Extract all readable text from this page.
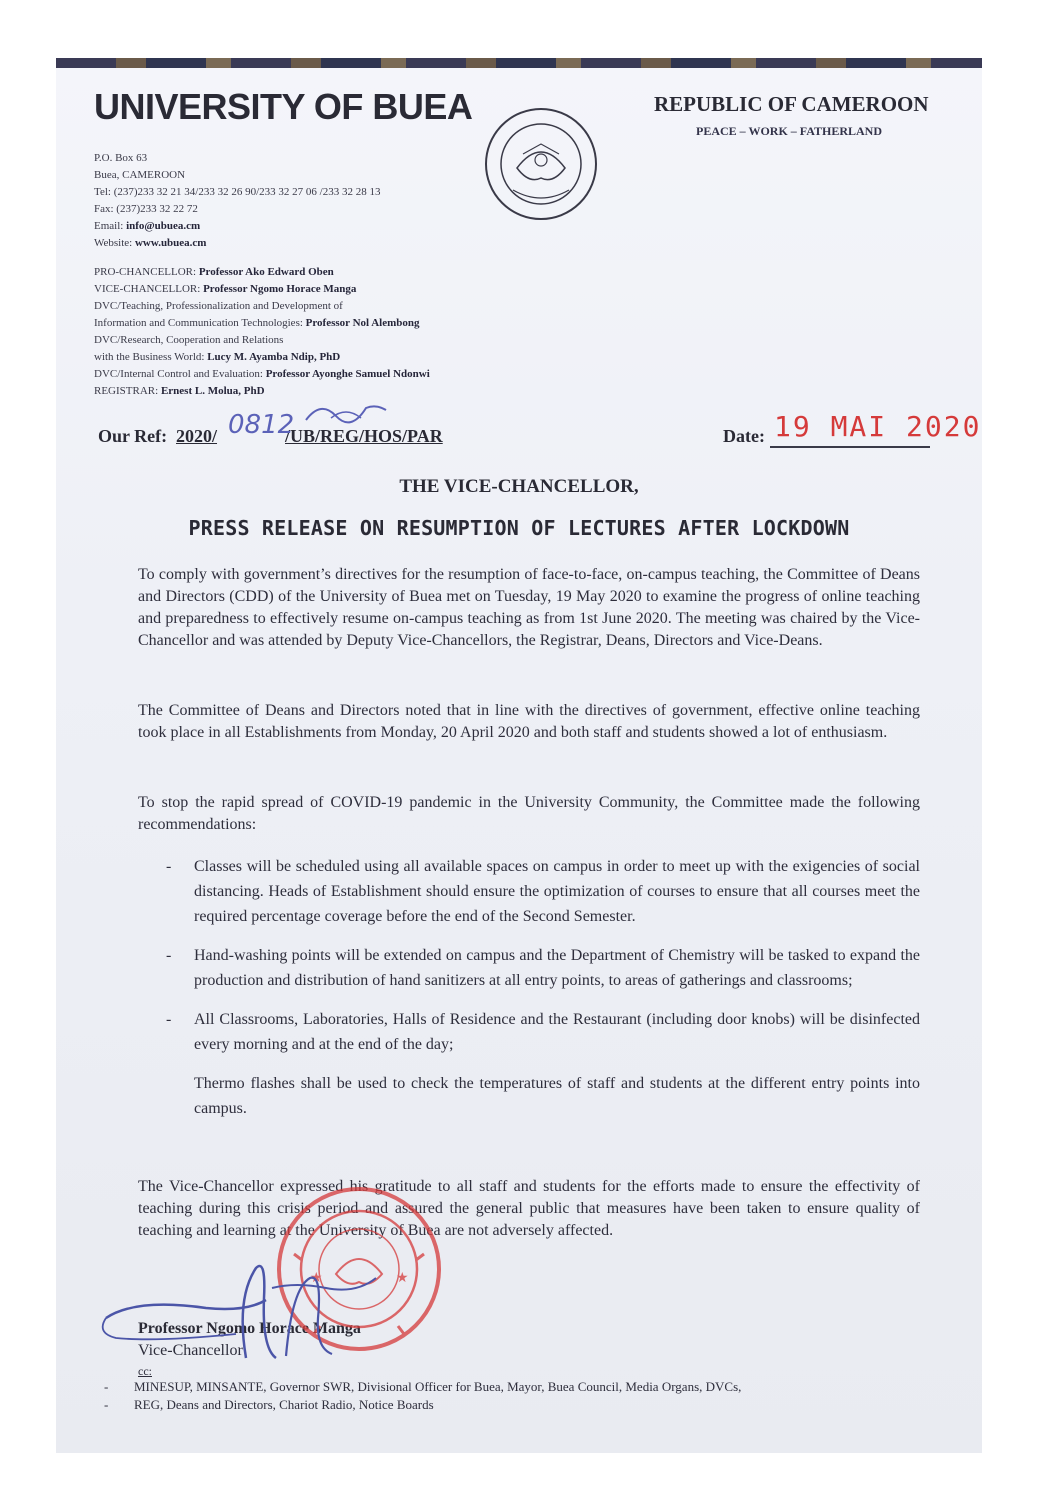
UNIVERSITY OF BUEA
P.O. Box 63
Buea, CAMEROON
Tel: (237)233 32 21 34/233 32 26 90/233 32 27 06 /233 32 28 13
Fax: (237)233 32 22 72
Email: info@ubuea.cm
Website: www.ubuea.cm
REPUBLIC OF CAMEROON
PEACE – WORK – FATHERLAND
PRO-CHANCELLOR: Professor Ako Edward Oben
VICE-CHANCELLOR: Professor Ngomo Horace Manga
DVC/Teaching, Professionalization and Development of
Information and Communication Technologies: Professor Nol Alembong
DVC/Research, Cooperation and Relations
with the Business World: Lucy M. Ayamba Ndip, PhD
DVC/Internal Control and Evaluation: Professor Ayonghe Samuel Ndonwi
REGISTRAR: Ernest L. Molua, PhD
Our Ref: 2020/	/UB/REG/HOS/PAR
0812	Date: 19 MAI 2020
THE VICE-CHANCELLOR,
PRESS RELEASE ON RESUMPTION OF LECTURES AFTER LOCKDOWN
To comply with government’s directives for the resumption of face-to-face, on-campus teaching, the Committee of Deans and Directors (CDD) of the University of Buea met on Tuesday, 19 May 2020 to examine the progress of online teaching and preparedness to effectively resume on-campus teaching as from 1st June 2020. The meeting was chaired by the Vice-Chancellor and was attended by Deputy Vice-Chancellors, the Registrar, Deans, Directors and Vice-Deans.
The Committee of Deans and Directors noted that in line with the directives of government, effective online teaching took place in all Establishments from Monday, 20 April 2020 and both staff and students showed a lot of enthusiasm.
To stop the rapid spread of COVID-19 pandemic in the University Community, the Committee made the following recommendations:
- Classes will be scheduled using all available spaces on campus in order to meet up with the exigencies of social distancing. Heads of Establishment should ensure the optimization of courses to ensure that all courses meet the required percentage coverage before the end of the Second Semester.
- Hand-washing points will be extended on campus and the Department of Chemistry will be tasked to expand the production and distribution of hand sanitizers at all entry points, to areas of gatherings and classrooms;
- All Classrooms, Laboratories, Halls of Residence and the Restaurant (including door knobs) will be disinfected every morning and at the end of the day;
Thermo flashes shall be used to check the temperatures of staff and students at the different entry points into campus.
The Vice-Chancellor expressed his gratitude to all staff and students for the efforts made to ensure the effectivity of teaching during this crisis period and assured the general public that measures have been taken to ensure quality of teaching and learning at the University of Buea are not adversely affected.
Professor Ngomo Horace Manga
Vice-Chancellor
cc:
- MINESUP, MINSANTE, Governor SWR, Divisional Officer for Buea, Mayor, Buea Council, Media Organs, DVCs,
- REG, Deans and Directors, Chariot Radio, Notice Boards
★	★
